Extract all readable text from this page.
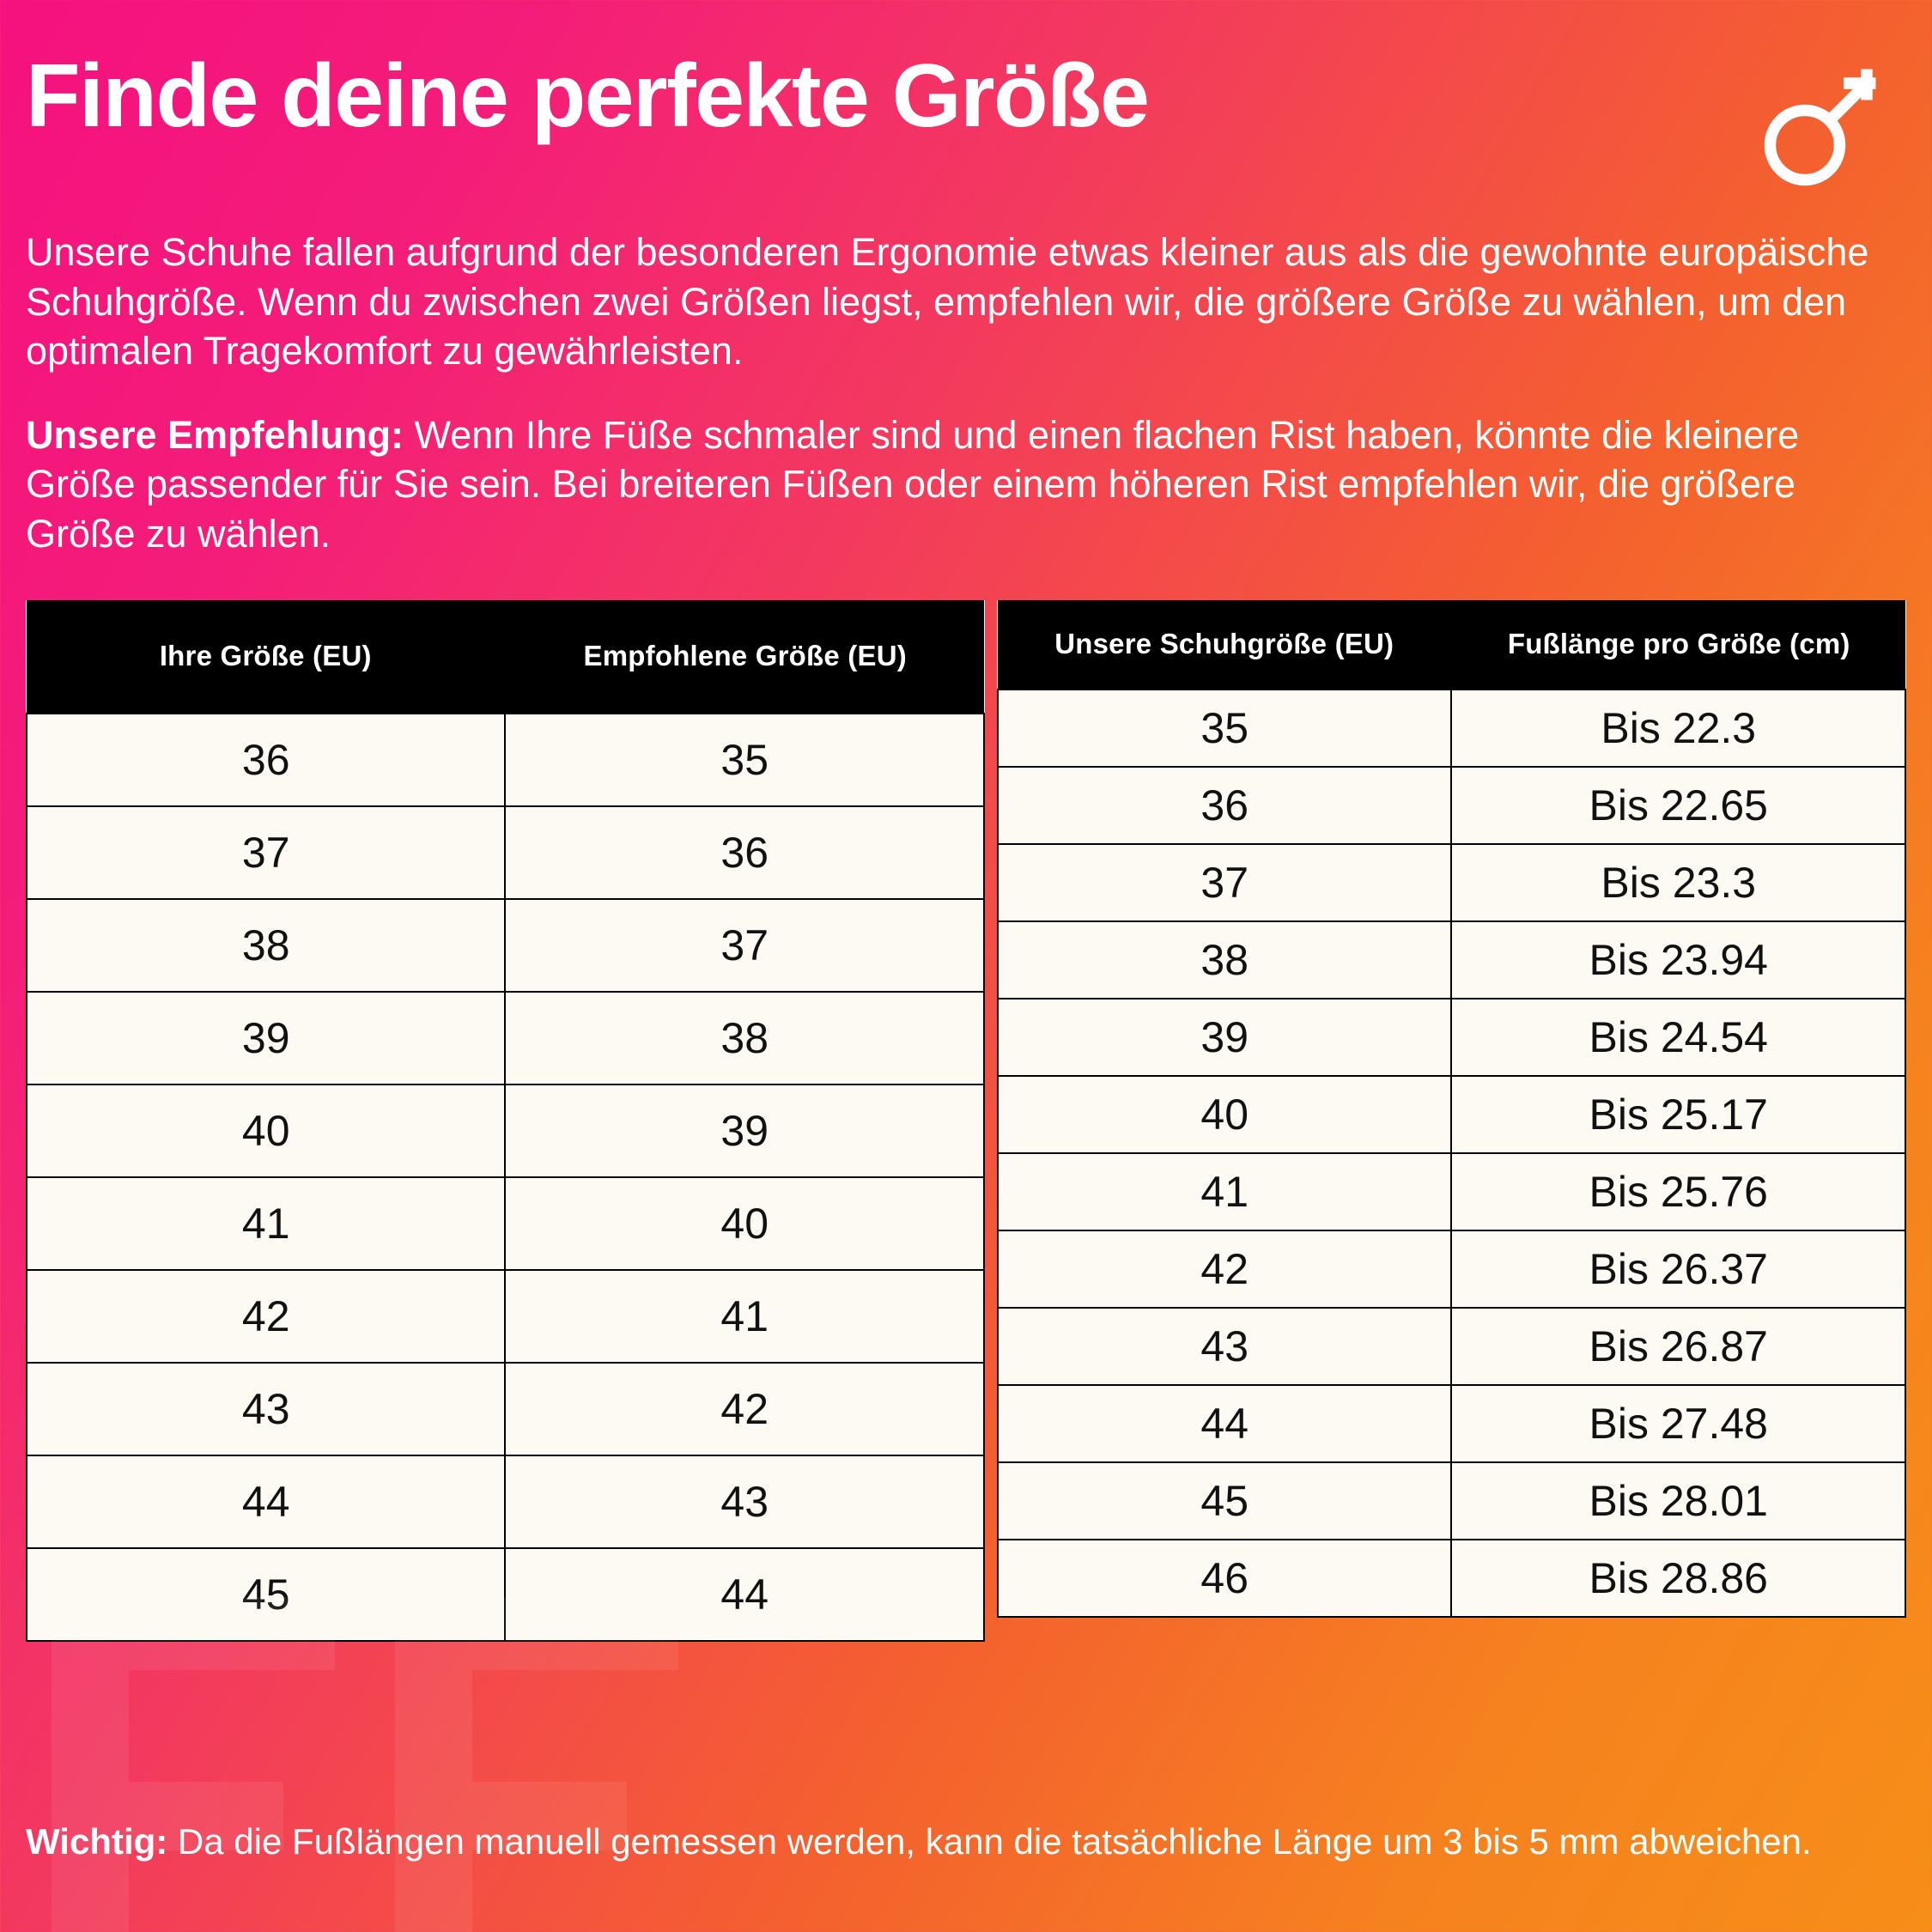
Finde deine perfekte Größe

Unsere Schuhe fallen aufgrund der besonderen Ergonomie etwas kleiner aus als die gewohnte europäische Schuhgröße. Wenn du zwischen zwei Größen liegst, empfehlen wir, die größere Größe zu wählen, um den optimalen Tragekomfort zu gewährleisten.

Unsere Empfehlung: Wenn Ihre Füße schmaler sind und einen flachen Rist haben, könnte die kleinere Größe passender für Sie sein. Bei breiteren Füßen oder einem höheren Rist empfehlen wir, die größere Größe zu wählen.

Ihre Größe (EU)	Empfohlene Größe (EU)
36	35
37	36
38	37
39	38
40	39
41	40
42	41
43	42
44	43
45	44
Unsere Schuhgröße (EU)	Fußlänge pro Größe (cm)
35	Bis 22.3
36	Bis 22.65
37	Bis 23.3
38	Bis 23.94
39	Bis 24.54
40	Bis 25.17
41	Bis 25.76
42	Bis 26.37
43	Bis 26.87
44	Bis 27.48
45	Bis 28.01
46	Bis 28.86

Wichtig: Da die Fußlängen manuell gemessen werden, kann die tatsächliche Länge um 3 bis 5 mm abweichen.
